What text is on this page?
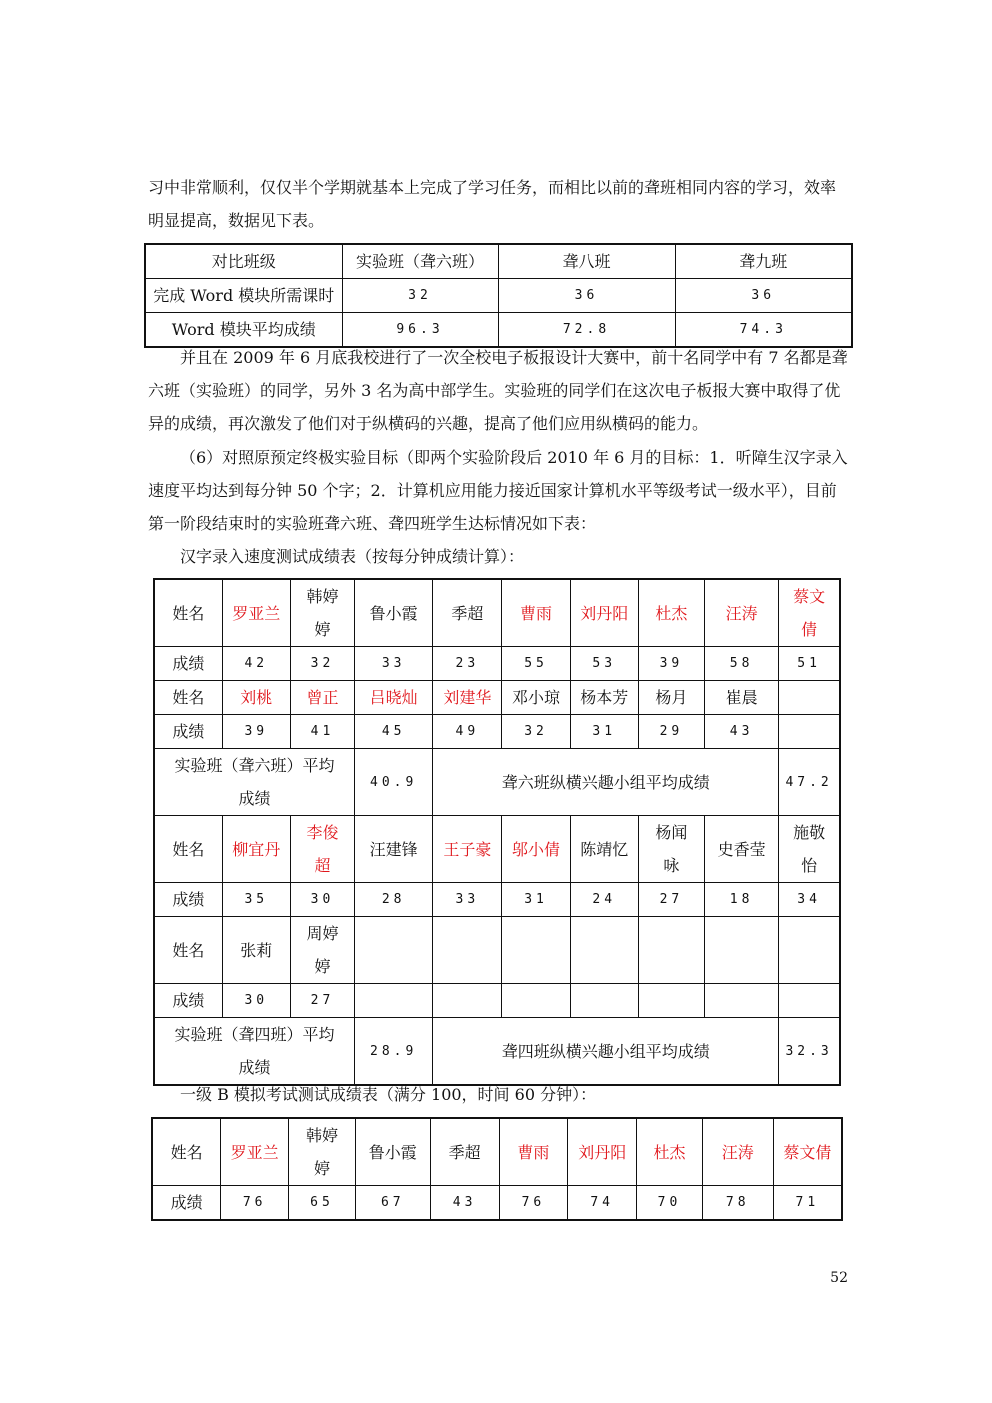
习中非常顺利，仅仅半个学期就基本上完成了学习任务，而相比以前的聋班相同内容的学习，效率明显提高，数据见下表。

对比班级	实验班（聋六班）	聋八班	聋九班
完成 Word 模块所需课时	32	36	36
Word 模块平均成绩	96.3	72.8	74.3

并且在 2009 年 6 月底我校进行了一次全校电子板报设计大赛中，前十名同学中有 7 名都是聋六班（实验班）的同学，另外 3 名为高中部学生。实验班的同学们在这次电子板报大赛中取得了优异的成绩，再次激发了他们对于纵横码的兴趣，提高了他们应用纵横码的能力。

（6）对照原预定终极实验目标（即两个实验阶段后 2010 年 6 月的目标：1．听障生汉字录入速度平均达到每分钟 50 个字；2．计算机应用能力接近国家计算机水平等级考试一级水平），目前第一阶段结束时的实验班聋六班、聋四班学生达标情况如下表：

汉字录入速度测试成绩表（按每分钟成绩计算）：
姓名	罗亚兰	韩婷婷	鲁小霞	季超	曹雨	刘丹阳	杜杰	汪涛	蔡文倩
成绩	42	32	33	23	55	53	39	58	51
姓名	刘桃	曾正	吕晓灿	刘建华	邓小琼	杨本芳	杨月	崔晨	
成绩	39	41	45	49	32	31	29	43	
实验班（聋六班）平均成绩			40.9	聋六班纵横兴趣小组平均成绩					47.2
姓名	柳宜丹	李俊超	汪建锋	王子豪	邬小倩	陈靖忆	杨闻咏	史香莹	施敬怡
成绩	35	30	28	33	31	24	27	18	34
姓名	张莉	周婷婷							
成绩	30	27							
实验班（聋四班）平均成绩			28.9	聋四班纵横兴趣小组平均成绩					32.3
一级 B 模拟考试测试成绩表（满分 100，时间 60 分钟）：
姓名	罗亚兰	韩婷婷	鲁小霞	季超	曹雨	刘丹阳	杜杰	汪涛	蔡文倩
成绩	76	65	67	43	76	74	70	78	71
52
